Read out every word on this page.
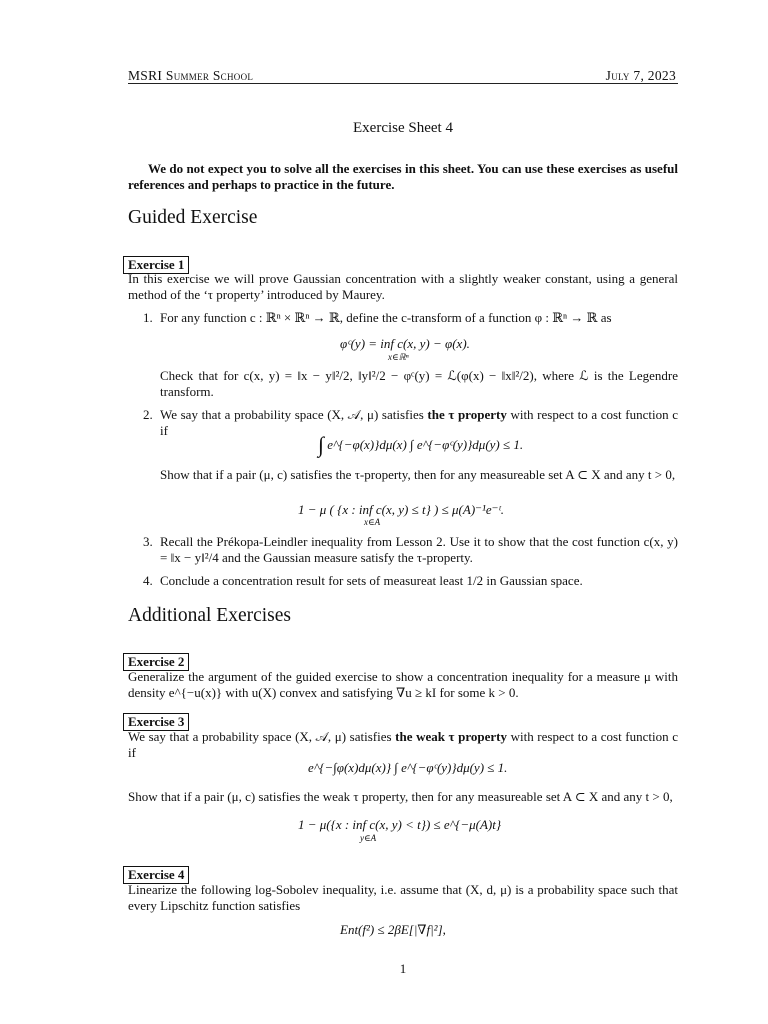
MSRI Summer School	July 7, 2023
Exercise Sheet 4
We do not expect you to solve all the exercises in this sheet. You can use these exercises as useful references and perhaps to practice in the future.
Guided Exercise
Exercise 1
In this exercise we will prove Gaussian concentration with a slightly weaker constant, using a general method of the ‘τ property’ introduced by Maurey.
1. For any function c : ℝⁿ × ℝⁿ → ℝ, define the c-transform of a function φ : ℝⁿ → ℝ as
φᶜ(y) = inf c(x, y) − φ(x).
x∈ℝⁿ
Check that for c(x, y) = ‖x − y‖²/2, ‖y‖²/2 − φᶜ(y) = ℒ(φ(x) − ‖x‖²/2), where ℒ is the Legendre transform.
2. We say that a probability space (X, 𝒜, μ) satisfies the τ property with respect to a cost function c if
∫ e^{−φ(x)}dμ(x) ∫ e^{−φᶜ(y)}dμ(y) ≤ 1.
Show that if a pair (μ, c) satisfies the τ-property, then for any measureable set A ⊂ X and any t > 0,
1 − μ ( {x : inf c(x, y) ≤ t} ) ≤ μ(A)⁻¹e⁻ᵗ.
x∈A
3. Recall the Prékopa-Leindler inequality from Lesson 2. Use it to show that the cost function c(x, y) = ‖x − y‖²/4 and the Gaussian measure satisfy the τ-property.
4. Conclude a concentration result for sets of measureat least 1/2 in Gaussian space.
Additional Exercises
Exercise 2
Generalize the argument of the guided exercise to show a concentration inequality for a measure μ with density e^{−u(x)} with u(X) convex and satisfying ∇u ≥ kI for some k > 0.
Exercise 3
We say that a probability space (X, 𝒜, μ) satisfies the weak τ property with respect to a cost function c if
e^{−∫φ(x)dμ(x)} ∫ e^{−φᶜ(y)}dμ(y) ≤ 1.
Show that if a pair (μ, c) satisfies the weak τ property, then for any measureable set A ⊂ X and any t > 0,
1 − μ({x : inf c(x, y) < t}) ≤ e^{−μ(A)t}
y∈A
Exercise 4
Linearize the following log-Sobolev inequality, i.e. assume that (X, d, μ) is a probability space such that every Lipschitz function satisfies
Ent(f²) ≤ 2βE[|∇f|²],
1
